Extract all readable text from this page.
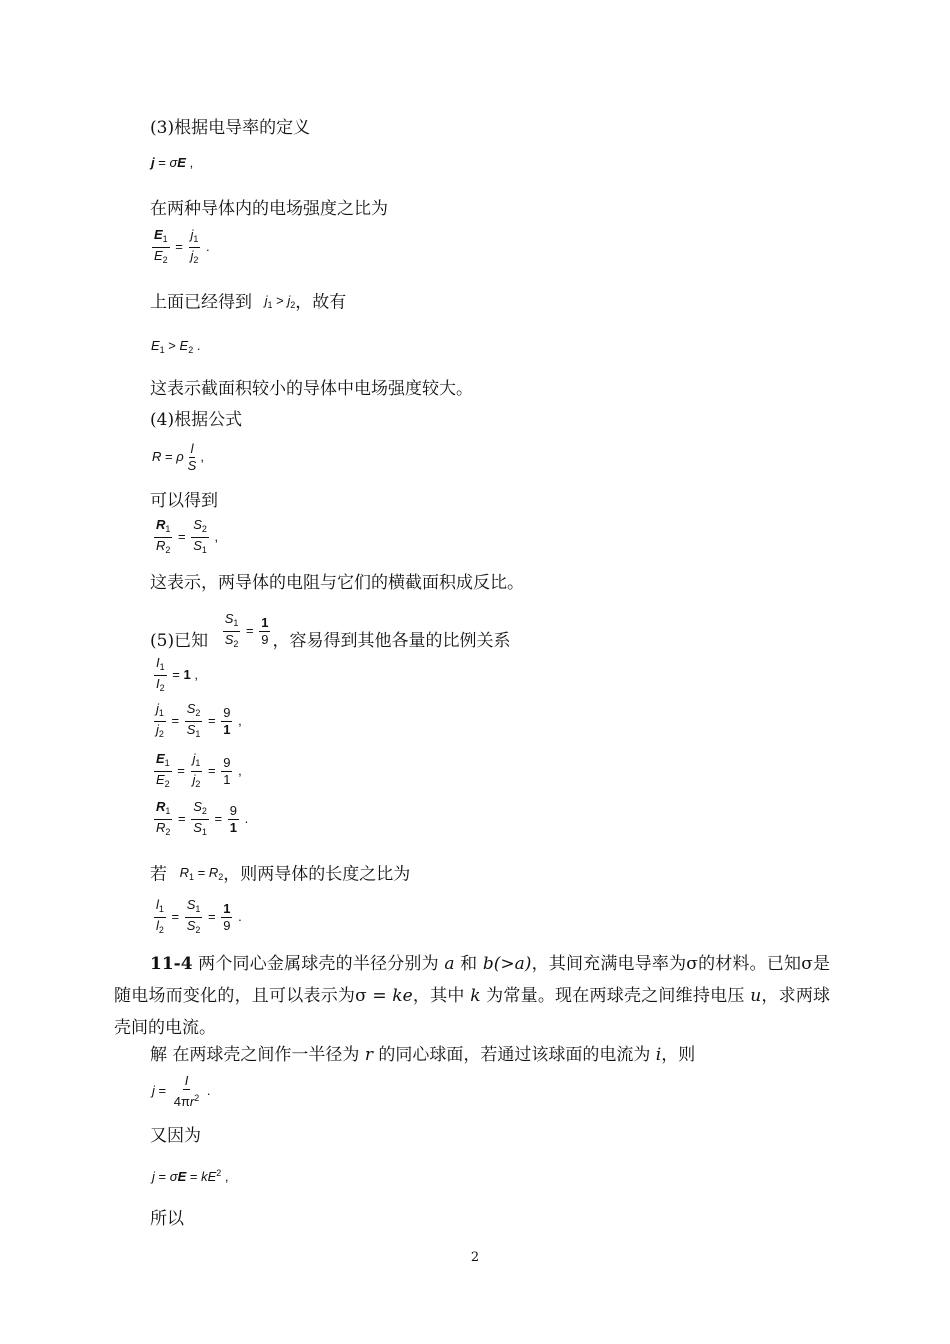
(3)根据电导率的定义
j = σE ,
在两种导体内的电场强度之比为
$\frac{E_1}{E_2} = \frac{j_1}{j_2}$ .
上面已经得到 $j_1 > j_2$，故有
$E_1 > E_2$ .
这表示截面积较小的导体中电场强度较大。
(4)根据公式
R = ρ $\frac{l}{S}$ ,
可以得到
$\frac{R_1}{R_2} = \frac{S_2}{S_1}$ ,
这表示，两导体的电阻与它们的横截面积成反比。
(5)已知 $\frac{S_1}{S_2} = \frac{1}{9}$ ，容易得到其他各量的比例关系
$\frac{I_1}{I_2} = 1$ ,
$\frac{j_1}{j_2} = \frac{S_2}{S_1} = \frac{9}{1}$ ,
$\frac{E_1}{E_2} = \frac{j_1}{j_2} = \frac{9}{1}$ ,
$\frac{R_1}{R_2} = \frac{S_2}{S_1} = \frac{9}{1}$ .
若 $R_1 = R_2$，则两导体的长度之比为
$\frac{l_1}{l_2} = \frac{S_1}{S_2} = \frac{1}{9}$ .
11-4 两个同心金属球壳的半径分别为 a 和 b(>a)，其间充满电导率为σ的材料。已知σ是随电场而变化的，且可以表示为σ = ke，其中 k 为常量。现在两球壳之间维持电压 u，求两球壳间的电流。
解 在两球壳之间作一半径为 r 的同心球面，若通过该球面的电流为 i，则
$j = \frac{I}{4\pi r^2}$ .
又因为
$j = \sigma E = kE^2$ ,
所以
2
